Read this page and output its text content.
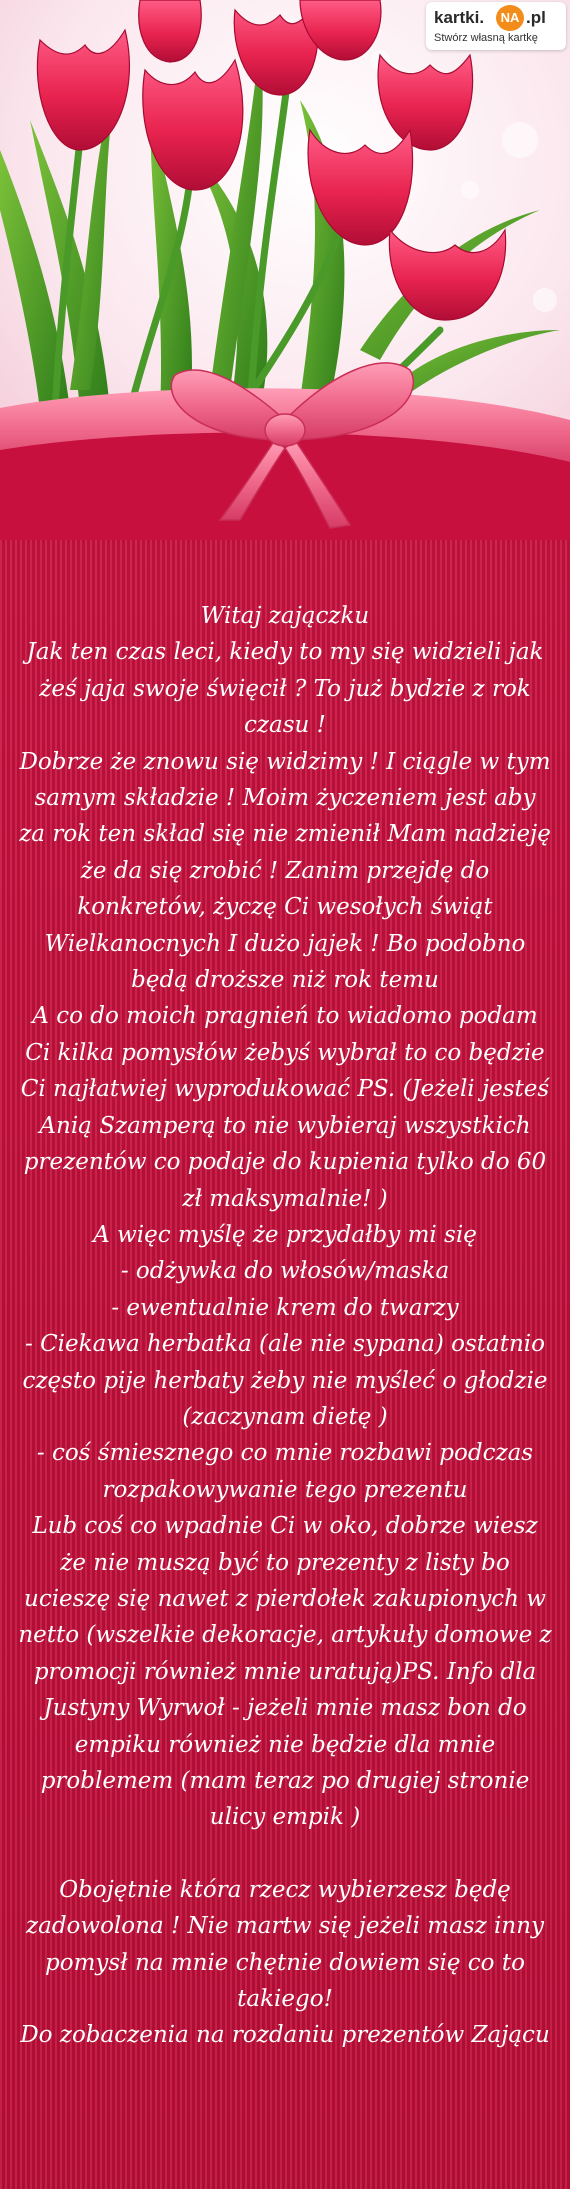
kartki.	NA .pl
Stwórz własną kartkę

Witaj zajączku

Jak ten czas leci, kiedy to my się widzieli jak żeś jaja swoje święcił ? To już bydzie z rok czasu !

Dobrze że znowu się widzimy ! I ciągle w tym samym składzie ! Moim życzeniem jest aby za rok ten skład się nie zmienił Mam nadzieję że da się zrobić ! Zanim przejdę do konkretów, życzę Ci wesołych świąt Wielkanocnych I dużo jajek ! Bo podobno będą droższe niż rok temu

A co do moich pragnień to wiadomo podam Ci kilka pomysłów żebyś wybrał to co będzie Ci najłatwiej wyprodukować PS. (Jeżeli jesteś Anią Szamperą to nie wybieraj wszystkich prezentów co podaje do kupienia tylko do 60 zł maksymalnie! )

A więc myślę że przydałby mi się

- odżywka do włosów/maska

- ewentualnie krem do twarzy

- Ciekawa herbatka (ale nie sypana) ostatnio często pije herbaty żeby nie myśleć o głodzie (zaczynam dietę )

- coś śmiesznego co mnie rozbawi podczas rozpakowywanie tego prezentu

Lub coś co wpadnie Ci w oko, dobrze wiesz że nie muszą być to prezenty z listy bo ucieszę się nawet z pierdołek zakupionych w netto (wszelkie dekoracje, artykuły domowe z promocji również mnie uratują)PS. Info dla Justyny Wyrwoł - jeżeli mnie masz bon do empiku również nie będzie dla mnie problemem (mam teraz po drugiej stronie ulicy empik )

Obojętnie która rzecz wybierzesz będę zadowolona ! Nie martw się jeżeli masz inny pomysł na mnie chętnie dowiem się co to takiego!

Do zobaczenia na rozdaniu prezentów Zającu
